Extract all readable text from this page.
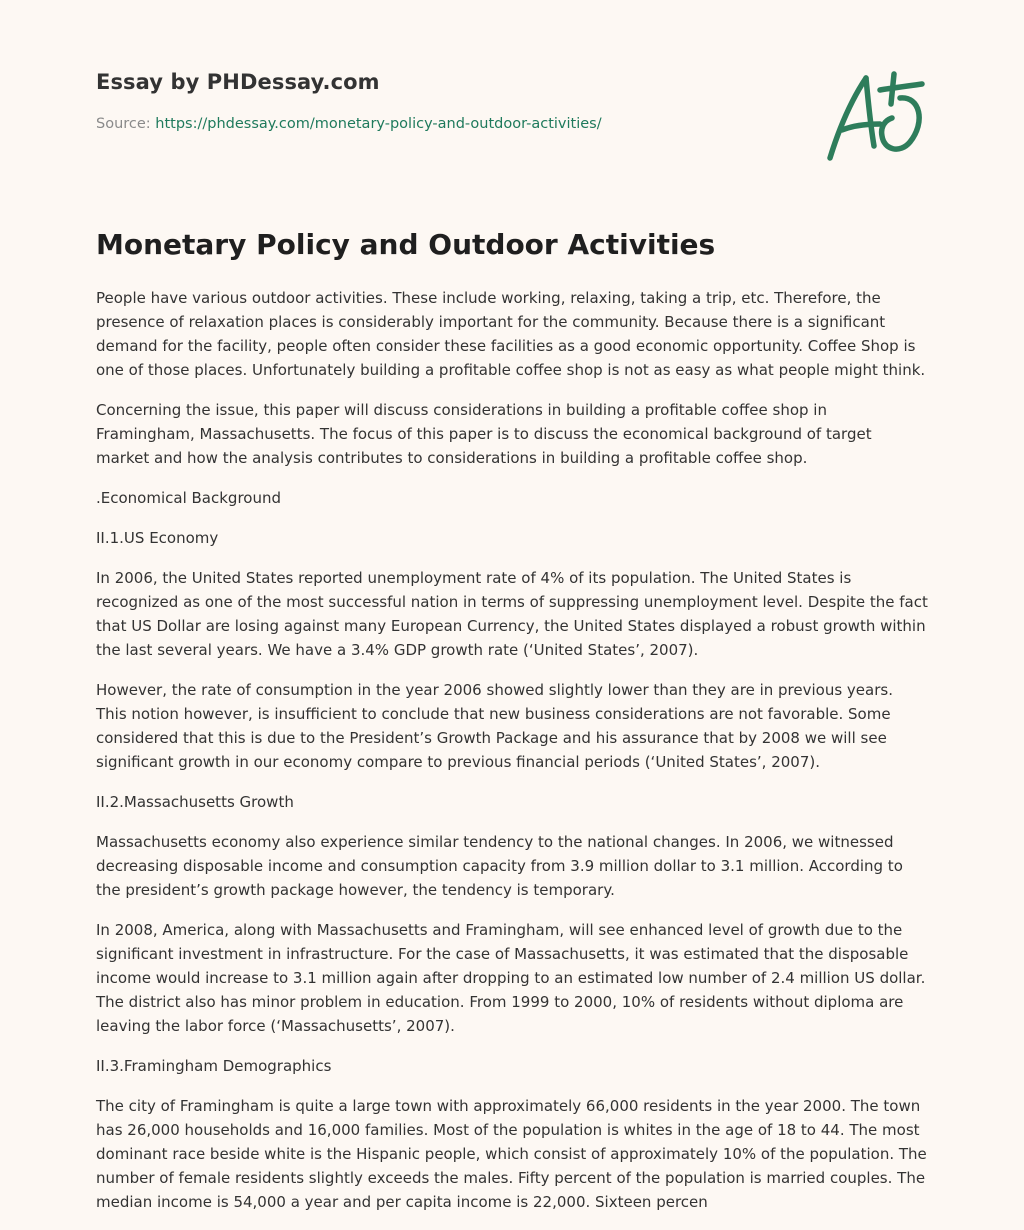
Essay by PHDessay.com
Source: https://phdessay.com/monetary-policy-and-outdoor-activities/
Monetary Policy and Outdoor Activities

People have various outdoor activities. These include working, relaxing, taking a trip, etc. Therefore, the presence of relaxation places is considerably important for the community. Because there is a significant demand for the facility, people often consider these facilities as a good economic opportunity. Coffee Shop is one of those places. Unfortunately building a profitable coffee shop is not as easy as what people might think.

Concerning the issue, this paper will discuss considerations in building a profitable coffee shop in Framingham, Massachusetts. The focus of this paper is to discuss the economical background of target market and how the analysis contributes to considerations in building a profitable coffee shop.

.Economical Background

II.1.US Economy

In 2006, the United States reported unemployment rate of 4% of its population. The United States is recognized as one of the most successful nation in terms of suppressing unemployment level. Despite the fact that US Dollar are losing against many European Currency, the United States displayed a robust growth within the last several years. We have a 3.4% GDP growth rate (‘United States’, 2007).

However, the rate of consumption in the year 2006 showed slightly lower than they are in previous years. This notion however, is insufficient to conclude that new business considerations are not favorable. Some considered that this is due to the President’s Growth Package and his assurance that by 2008 we will see significant growth in our economy compare to previous financial periods (‘United States’, 2007).

II.2.Massachusetts Growth

Massachusetts economy also experience similar tendency to the national changes. In 2006, we witnessed decreasing disposable income and consumption capacity from 3.9 million dollar to 3.1 million. According to the president’s growth package however, the tendency is temporary.

In 2008, America, along with Massachusetts and Framingham, will see enhanced level of growth due to the significant investment in infrastructure. For the case of Massachusetts, it was estimated that the disposable income would increase to 3.1 million again after dropping to an estimated low number of 2.4 million US dollar. The district also has minor problem in education. From 1999 to 2000, 10% of residents without diploma are leaving the labor force (‘Massachusetts’, 2007).

II.3.Framingham Demographics

The city of Framingham is quite a large town with approximately 66,000 residents in the year 2000. The town has 26,000 households and 16,000 families. Most of the population is whites in the age of 18 to 44. The most dominant race beside white is the Hispanic people, which consist of approximately 10% of the population. The number of female residents slightly exceeds the males. Fifty percent of the population is married couples. The median income is 54,000 a year and per capita income is 22,000. Sixteen percen
